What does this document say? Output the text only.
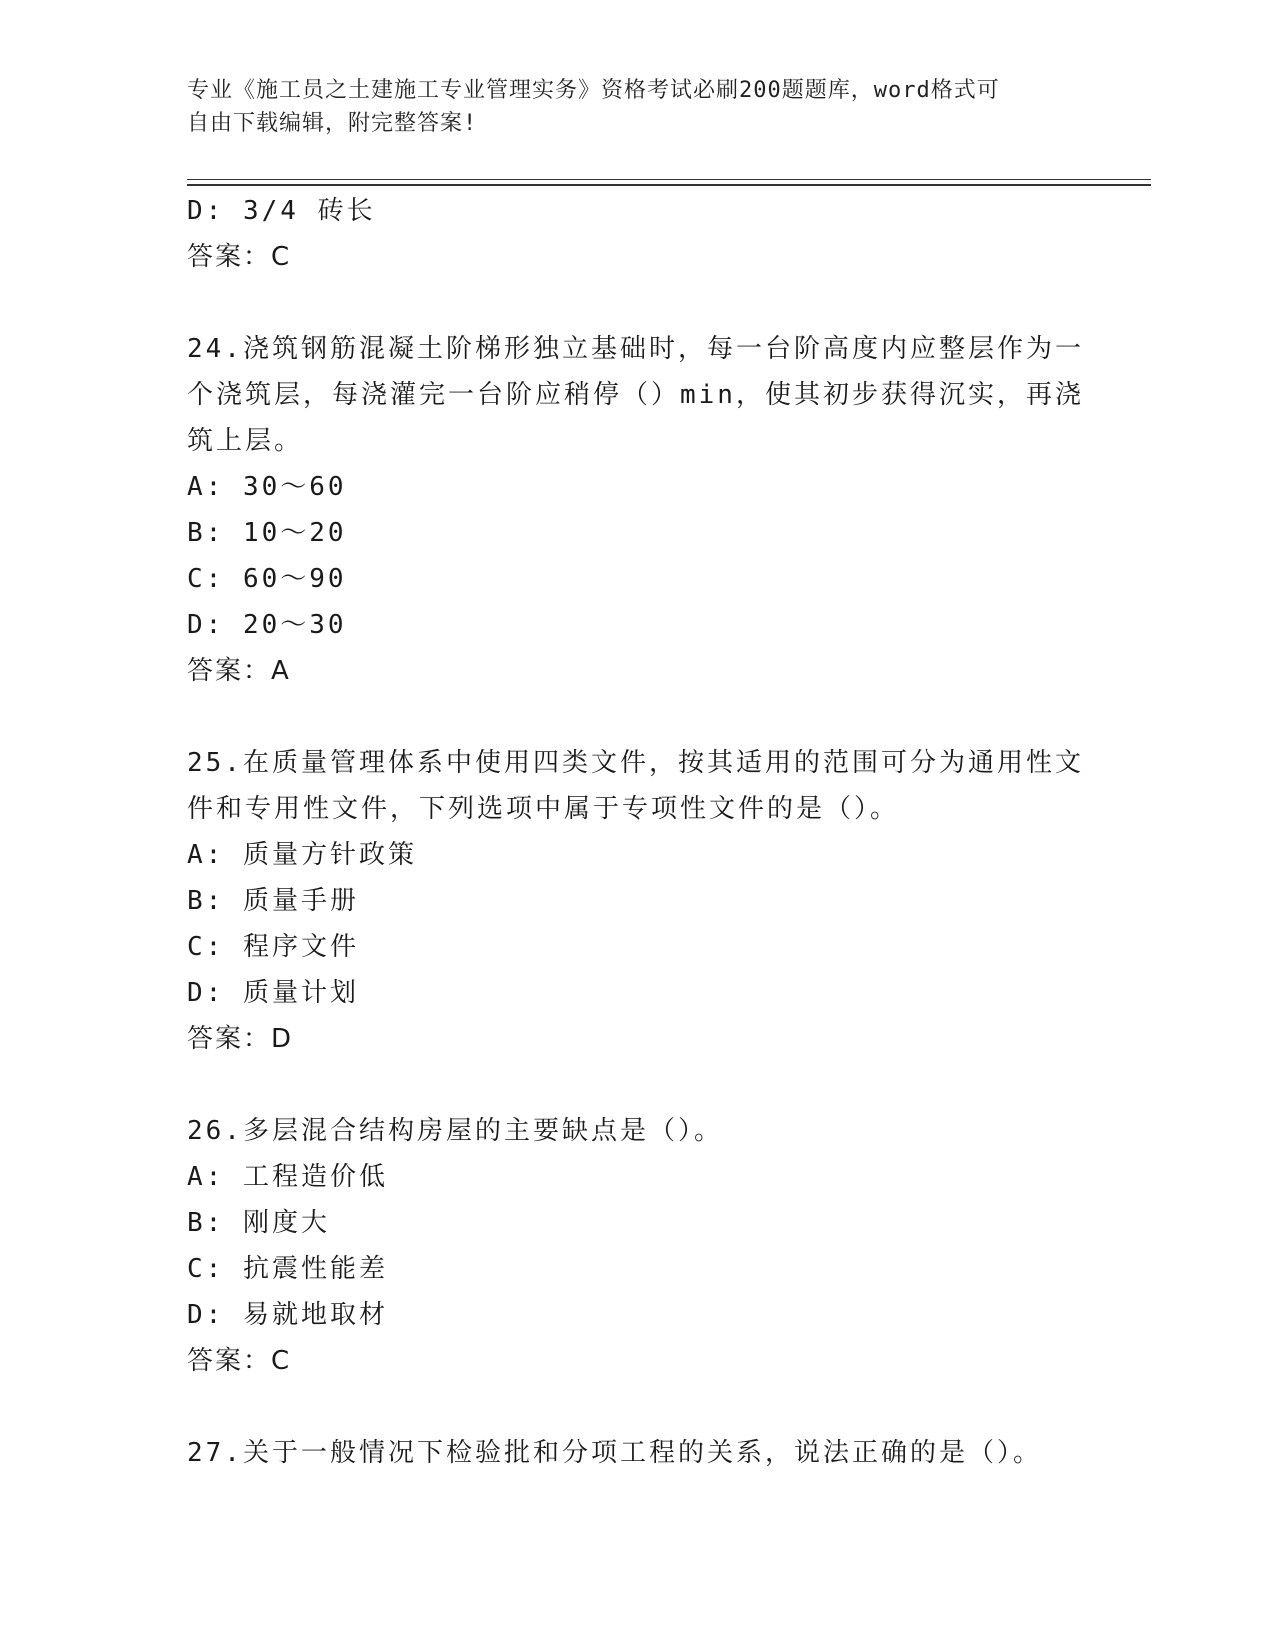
专业《施工员之土建施工专业管理实务》资格考试必刷200题题库，word格式可
自由下载编辑，附完整答案!
D: 3/4 砖长
答案：C
24.浇筑钢筋混凝土阶梯形独立基础时，每一台阶高度内应整层作为一
个浇筑层，每浇灌完一台阶应稍停（）min，使其初步获得沉实，再浇
筑上层。
A: 30～60
B: 10～20
C: 60～90
D: 20～30
答案：A
25.在质量管理体系中使用四类文件，按其适用的范围可分为通用性文
件和专用性文件，下列选项中属于专项性文件的是（）。
A: 质量方针政策
B: 质量手册
C: 程序文件
D: 质量计划
答案：D
26.多层混合结构房屋的主要缺点是（）。
A: 工程造价低
B: 刚度大
C: 抗震性能差
D: 易就地取材
答案：C
27.关于一般情况下检验批和分项工程的关系，说法正确的是（）。
